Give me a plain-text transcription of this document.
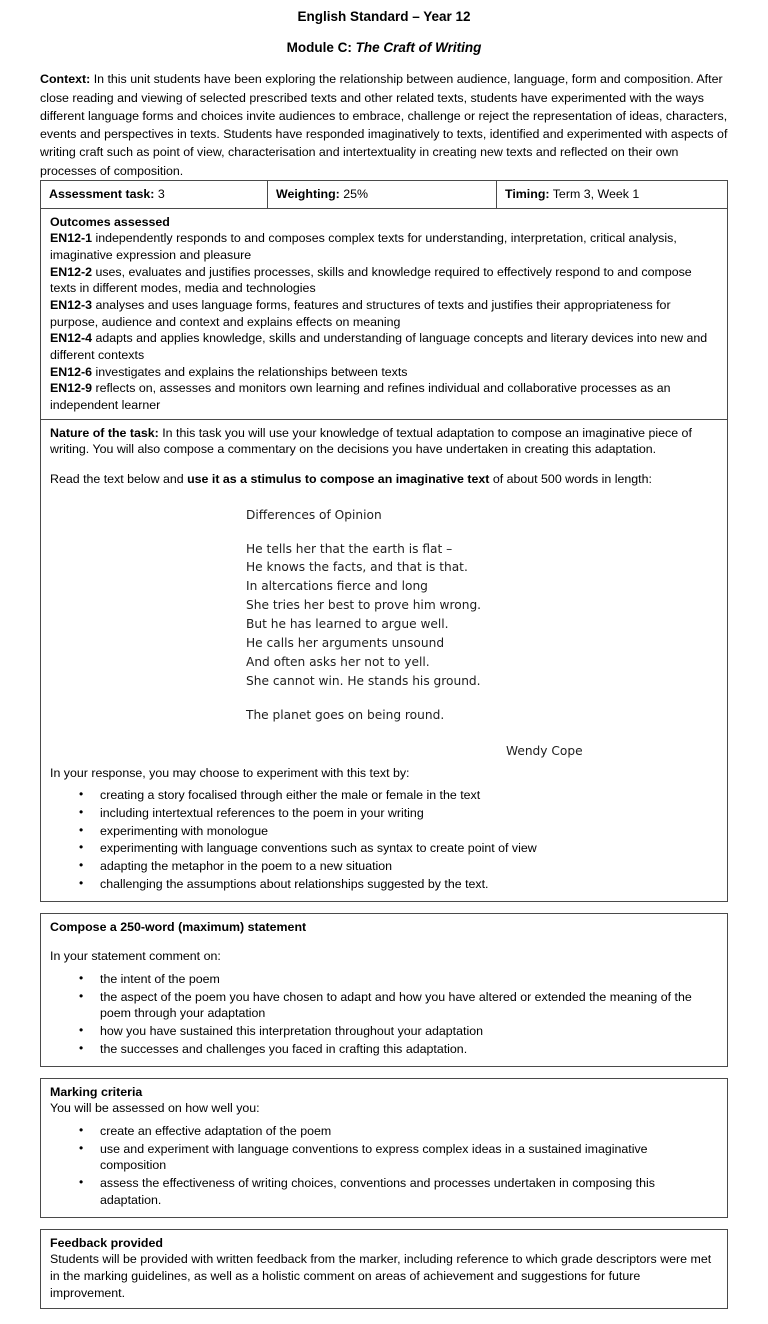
English Standard – Year 12
Module C: The Craft of Writing

Context: In this unit students have been exploring the relationship between audience, language, form and composition. After close reading and viewing of selected prescribed texts and other related texts, students have experimented with the ways different language forms and choices invite audiences to embrace, challenge or reject the representation of ideas, characters, events and perspectives in texts. Students have responded imaginatively to texts, identified and experimented with aspects of writing craft such as point of view, characterisation and intertextuality in creating new texts and reflected on their own processes of composition.

Assessment task: 3	Weighting: 25%	Timing: Term 3, Week 1

Outcomes assessed

EN12-1 independently responds to and composes complex texts for understanding, interpretation, critical analysis, imaginative expression and pleasure

EN12-2 uses, evaluates and justifies processes, skills and knowledge required to effectively respond to and compose texts in different modes, media and technologies

EN12-3 analyses and uses language forms, features and structures of texts and justifies their appropriateness for purpose, audience and context and explains effects on meaning

EN12-4 adapts and applies knowledge, skills and understanding of language concepts and literary devices into new and different contexts

EN12-6 investigates and explains the relationships between texts

EN12-9 reflects on, assesses and monitors own learning and refines individual and collaborative processes as an independent learner

Nature of the task: In this task you will use your knowledge of textual adaptation to compose an imaginative piece of writing. You will also compose a commentary on the decisions you have undertaken in creating this adaptation.

Read the text below and use it as a stimulus to compose an imaginative text of about 500 words in length:

Differences of Opinion

He tells her that the earth is flat –

He knows the facts, and that is that.

In altercations fierce and long

She tries her best to prove him wrong.

But he has learned to argue well.

He calls her arguments unsound

And often asks her not to yell.

She cannot win. He stands his ground.

The planet goes on being round.

Wendy Cope

In your response, you may choose to experiment with this text by:

• creating a story focalised through either the male or female in the text
• including intertextual references to the poem in your writing
• experimenting with monologue
• experimenting with language conventions such as syntax to create point of view
• adapting the metaphor in the poem to a new situation
• challenging the assumptions about relationships suggested by the text.

Compose a 250-word (maximum) statement

In your statement comment on:

• the intent of the poem
• the aspect of the poem you have chosen to adapt and how you have altered or extended the meaning of the poem through your adaptation
• how you have sustained this interpretation throughout your adaptation
• the successes and challenges you faced in crafting this adaptation.

Marking criteria

You will be assessed on how well you:

• create an effective adaptation of the poem
• use and experiment with language conventions to express complex ideas in a sustained imaginative composition
• assess the effectiveness of writing choices, conventions and processes undertaken in composing this adaptation.

Feedback provided

Students will be provided with written feedback from the marker, including reference to which grade descriptors were met in the marking guidelines, as well as a holistic comment on areas of achievement and suggestions for future improvement.
